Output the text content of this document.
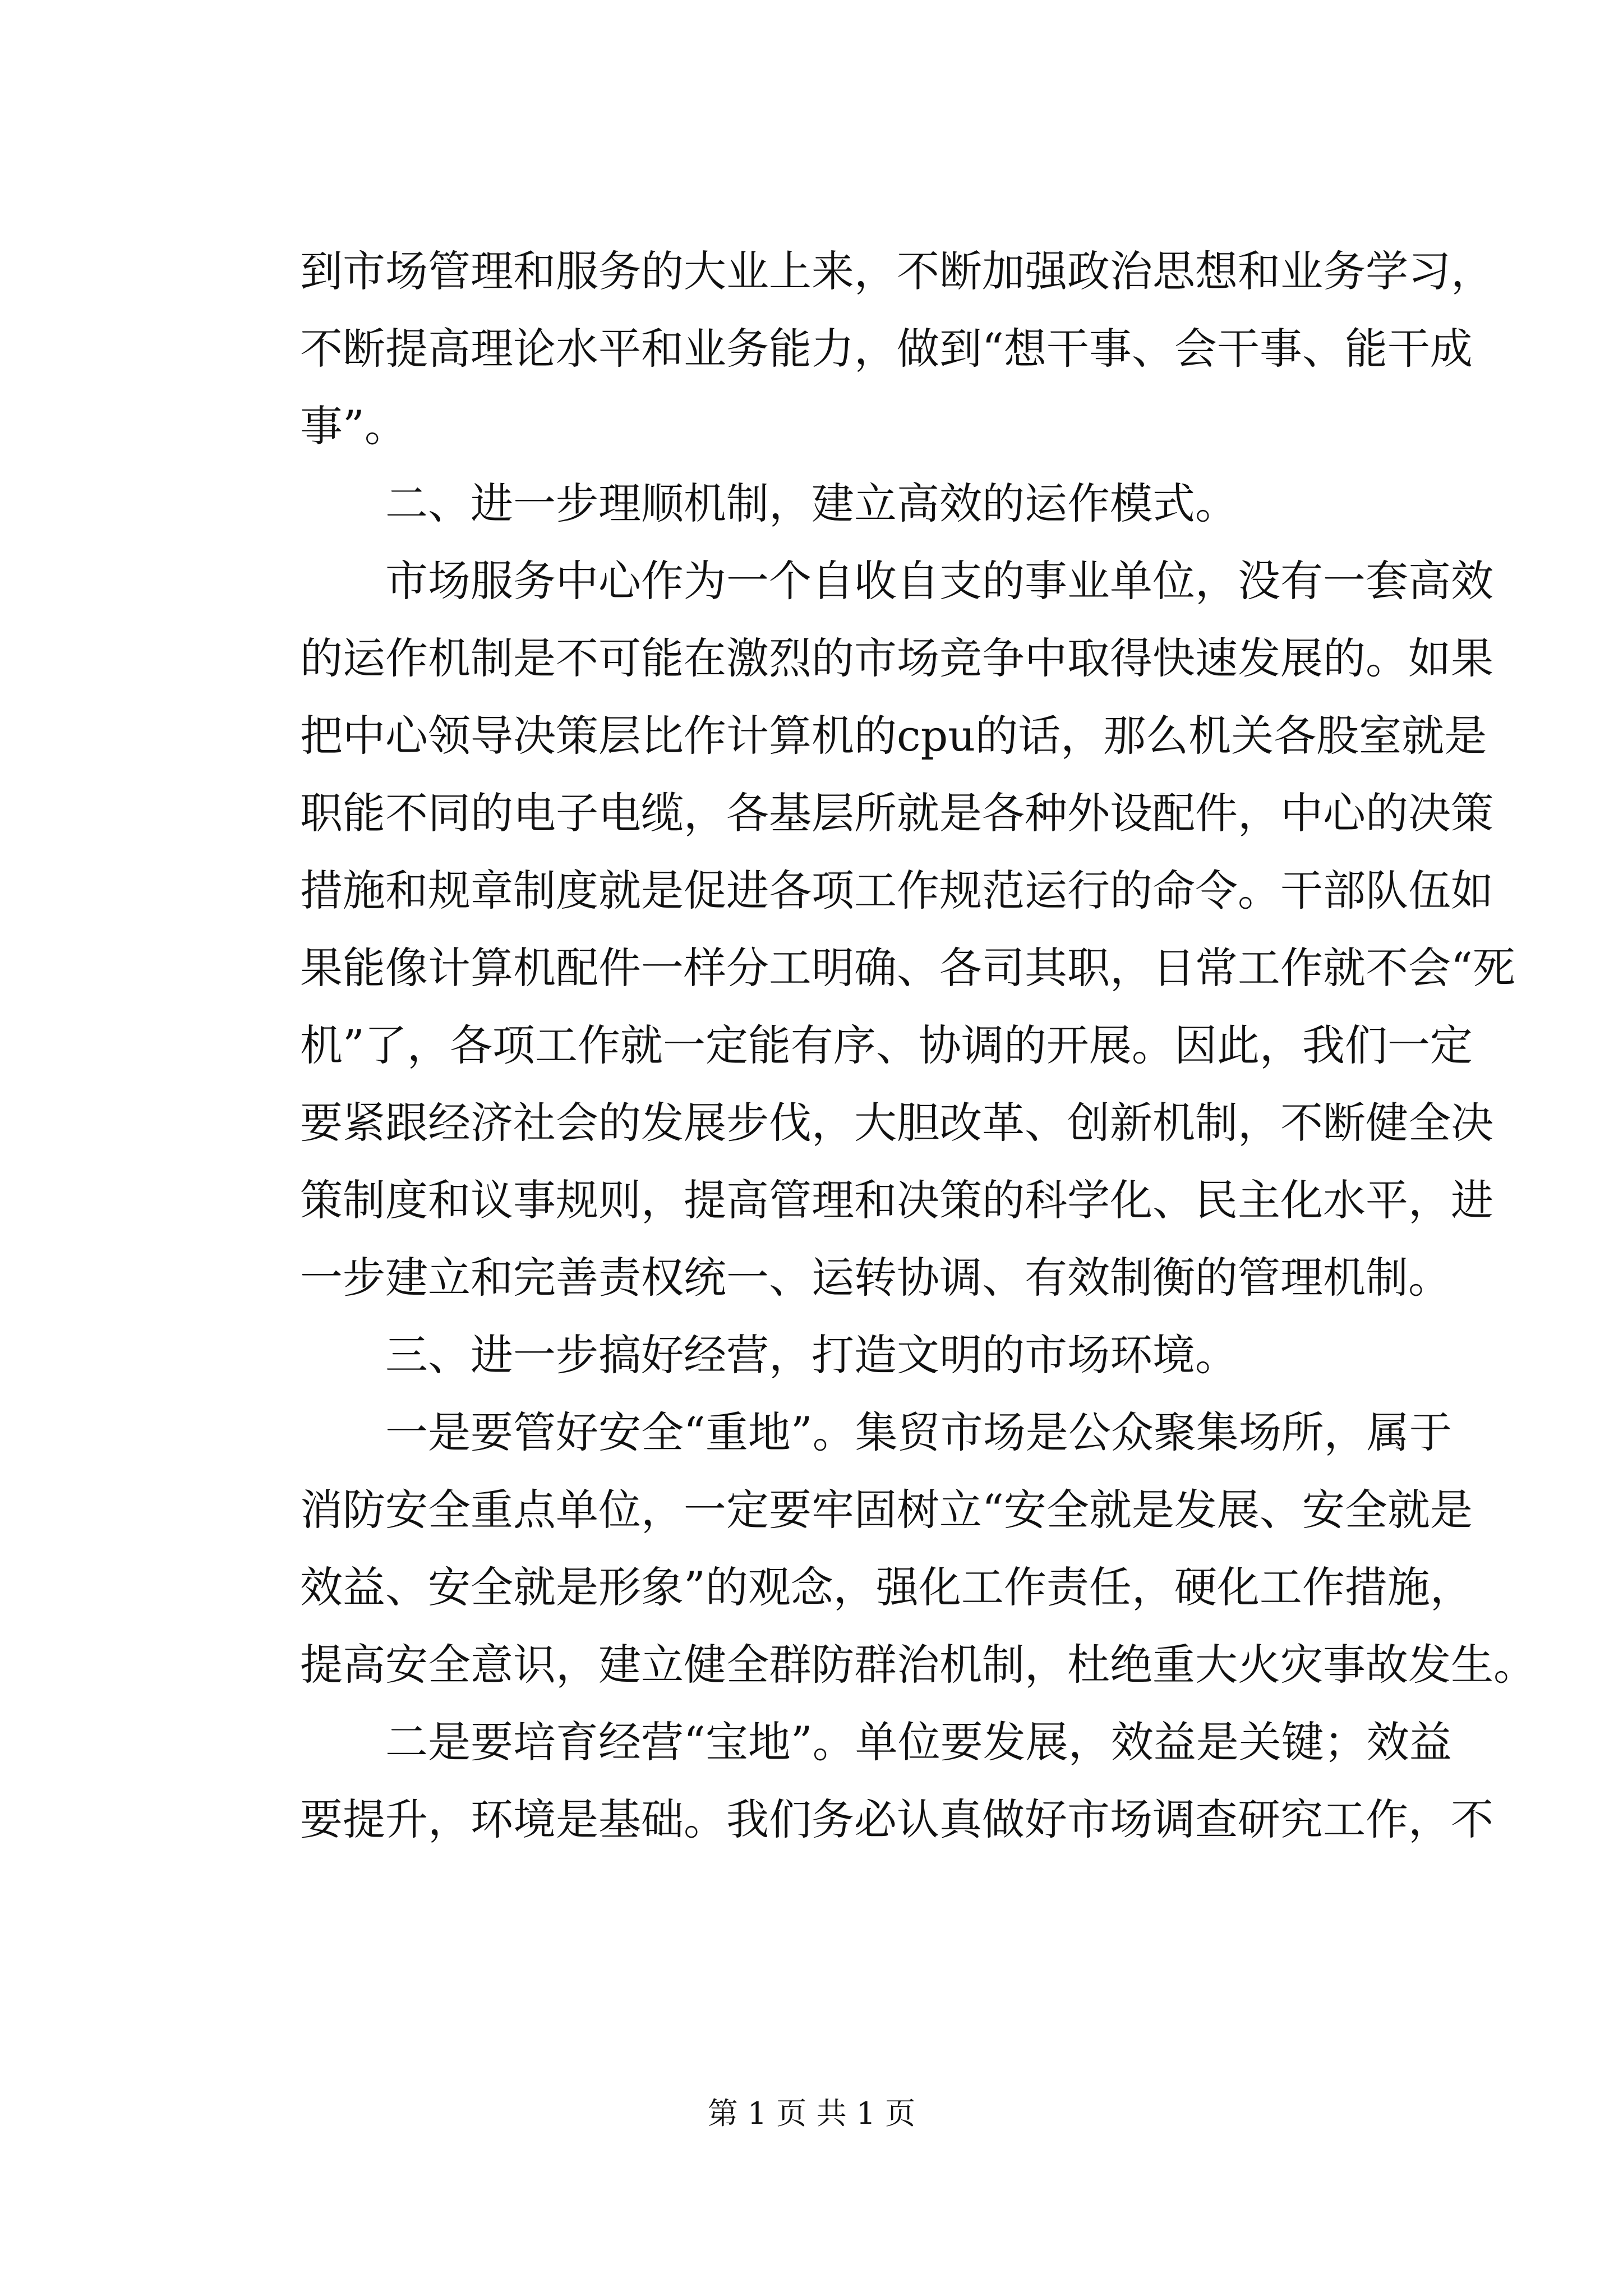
到市场管理和服务的大业上来，不断加强政治思想和业务学习，
不断提高理论水平和业务能力，做到“想干事、会干事、能干成
事”。
　　二、进一步理顺机制，建立高效的运作模式。
　　市场服务中心作为一个自收自支的事业单位，没有一套高效
的运作机制是不可能在激烈的市场竞争中取得快速发展的。如果
把中心领导决策层比作计算机的cpu的话，那么机关各股室就是
职能不同的电子电缆，各基层所就是各种外设配件，中心的决策
措施和规章制度就是促进各项工作规范运行的命令。干部队伍如
果能像计算机配件一样分工明确、各司其职，日常工作就不会“死
机”了，各项工作就一定能有序、协调的开展。因此，我们一定
要紧跟经济社会的发展步伐，大胆改革、创新机制，不断健全决
策制度和议事规则，提高管理和决策的科学化、民主化水平，进
一步建立和完善责权统一、运转协调、有效制衡的管理机制。
　　三、进一步搞好经营，打造文明的市场环境。
　　一是要管好安全“重地”。集贸市场是公众聚集场所，属于
消防安全重点单位，一定要牢固树立“安全就是发展、安全就是
效益、安全就是形象”的观念，强化工作责任，硬化工作措施，
提高安全意识，建立健全群防群治机制，杜绝重大火灾事故发生。
　　二是要培育经营“宝地”。单位要发展，效益是关键；效益
要提升，环境是基础。我们务必认真做好市场调查研究工作，不
第 1 页 共 1 页
